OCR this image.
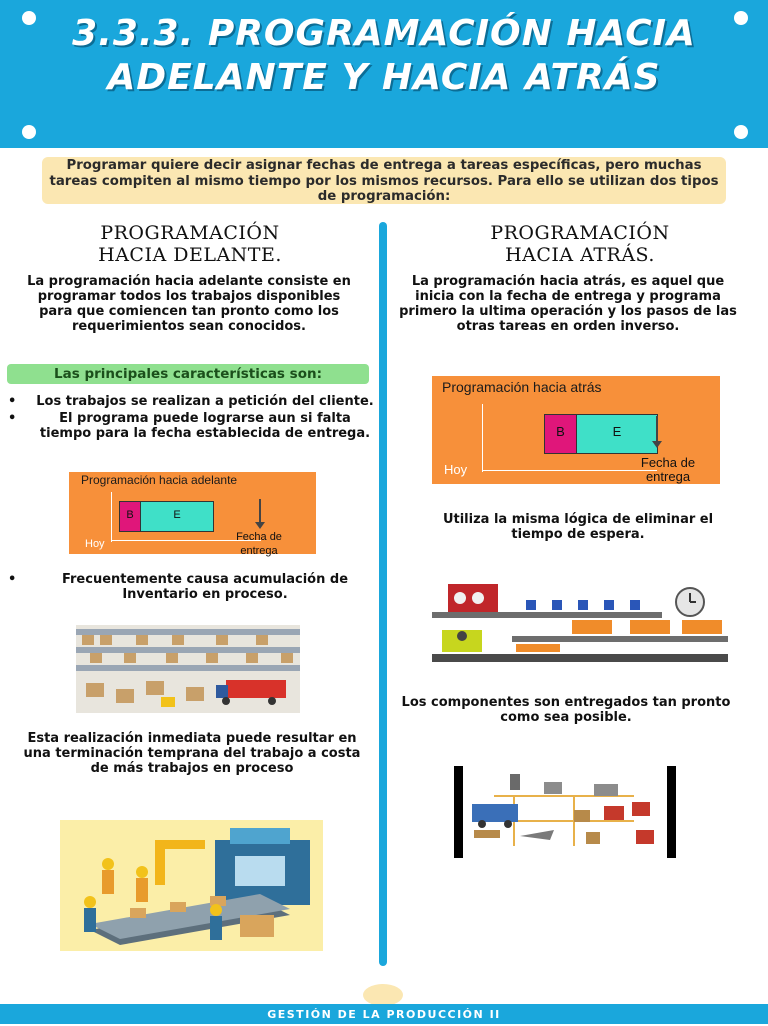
3.3.3. PROGRAMACIÓN HACIA ADELANTE Y HACIA ATRÁS
Programar quiere decir asignar fechas de entrega a tareas específicas, pero muchas tareas compiten al mismo tiempo por los mismos recursos. Para ello se utilizan dos tipos de programación:
PROGRAMACIÓN
HACIA DELANTE.
La programación hacia adelante consiste en programar todos los trabajos disponibles para que comiencen tan pronto como los requerimientos sean conocidos.
Las principales características son:
• Los trabajos se realizan a petición del cliente.
•	El programa puede lograrse aun si falta tiempo para la fecha establecida de entrega.
Programación hacia adelante
B	E
Hoy
Fecha de
entrega
•	Frecuentemente causa acumulación de Inventario en proceso.
Esta realización inmediata puede resultar en una terminación temprana del trabajo a costa de más trabajos en proceso
PROGRAMACIÓN
HACIA ATRÁS.
La programación hacia atrás, es aquel que inicia con la fecha de entrega y programa primero la ultima operación y los pasos de las otras tareas en orden inverso.
Programación hacia atrás
B	E
Hoy	Fecha de
entrega
Utiliza la misma lógica de eliminar el tiempo de espera.
Los componentes son entregados tan pronto como sea posible.
GESTIÓN DE LA PRODUCCIÓN II
